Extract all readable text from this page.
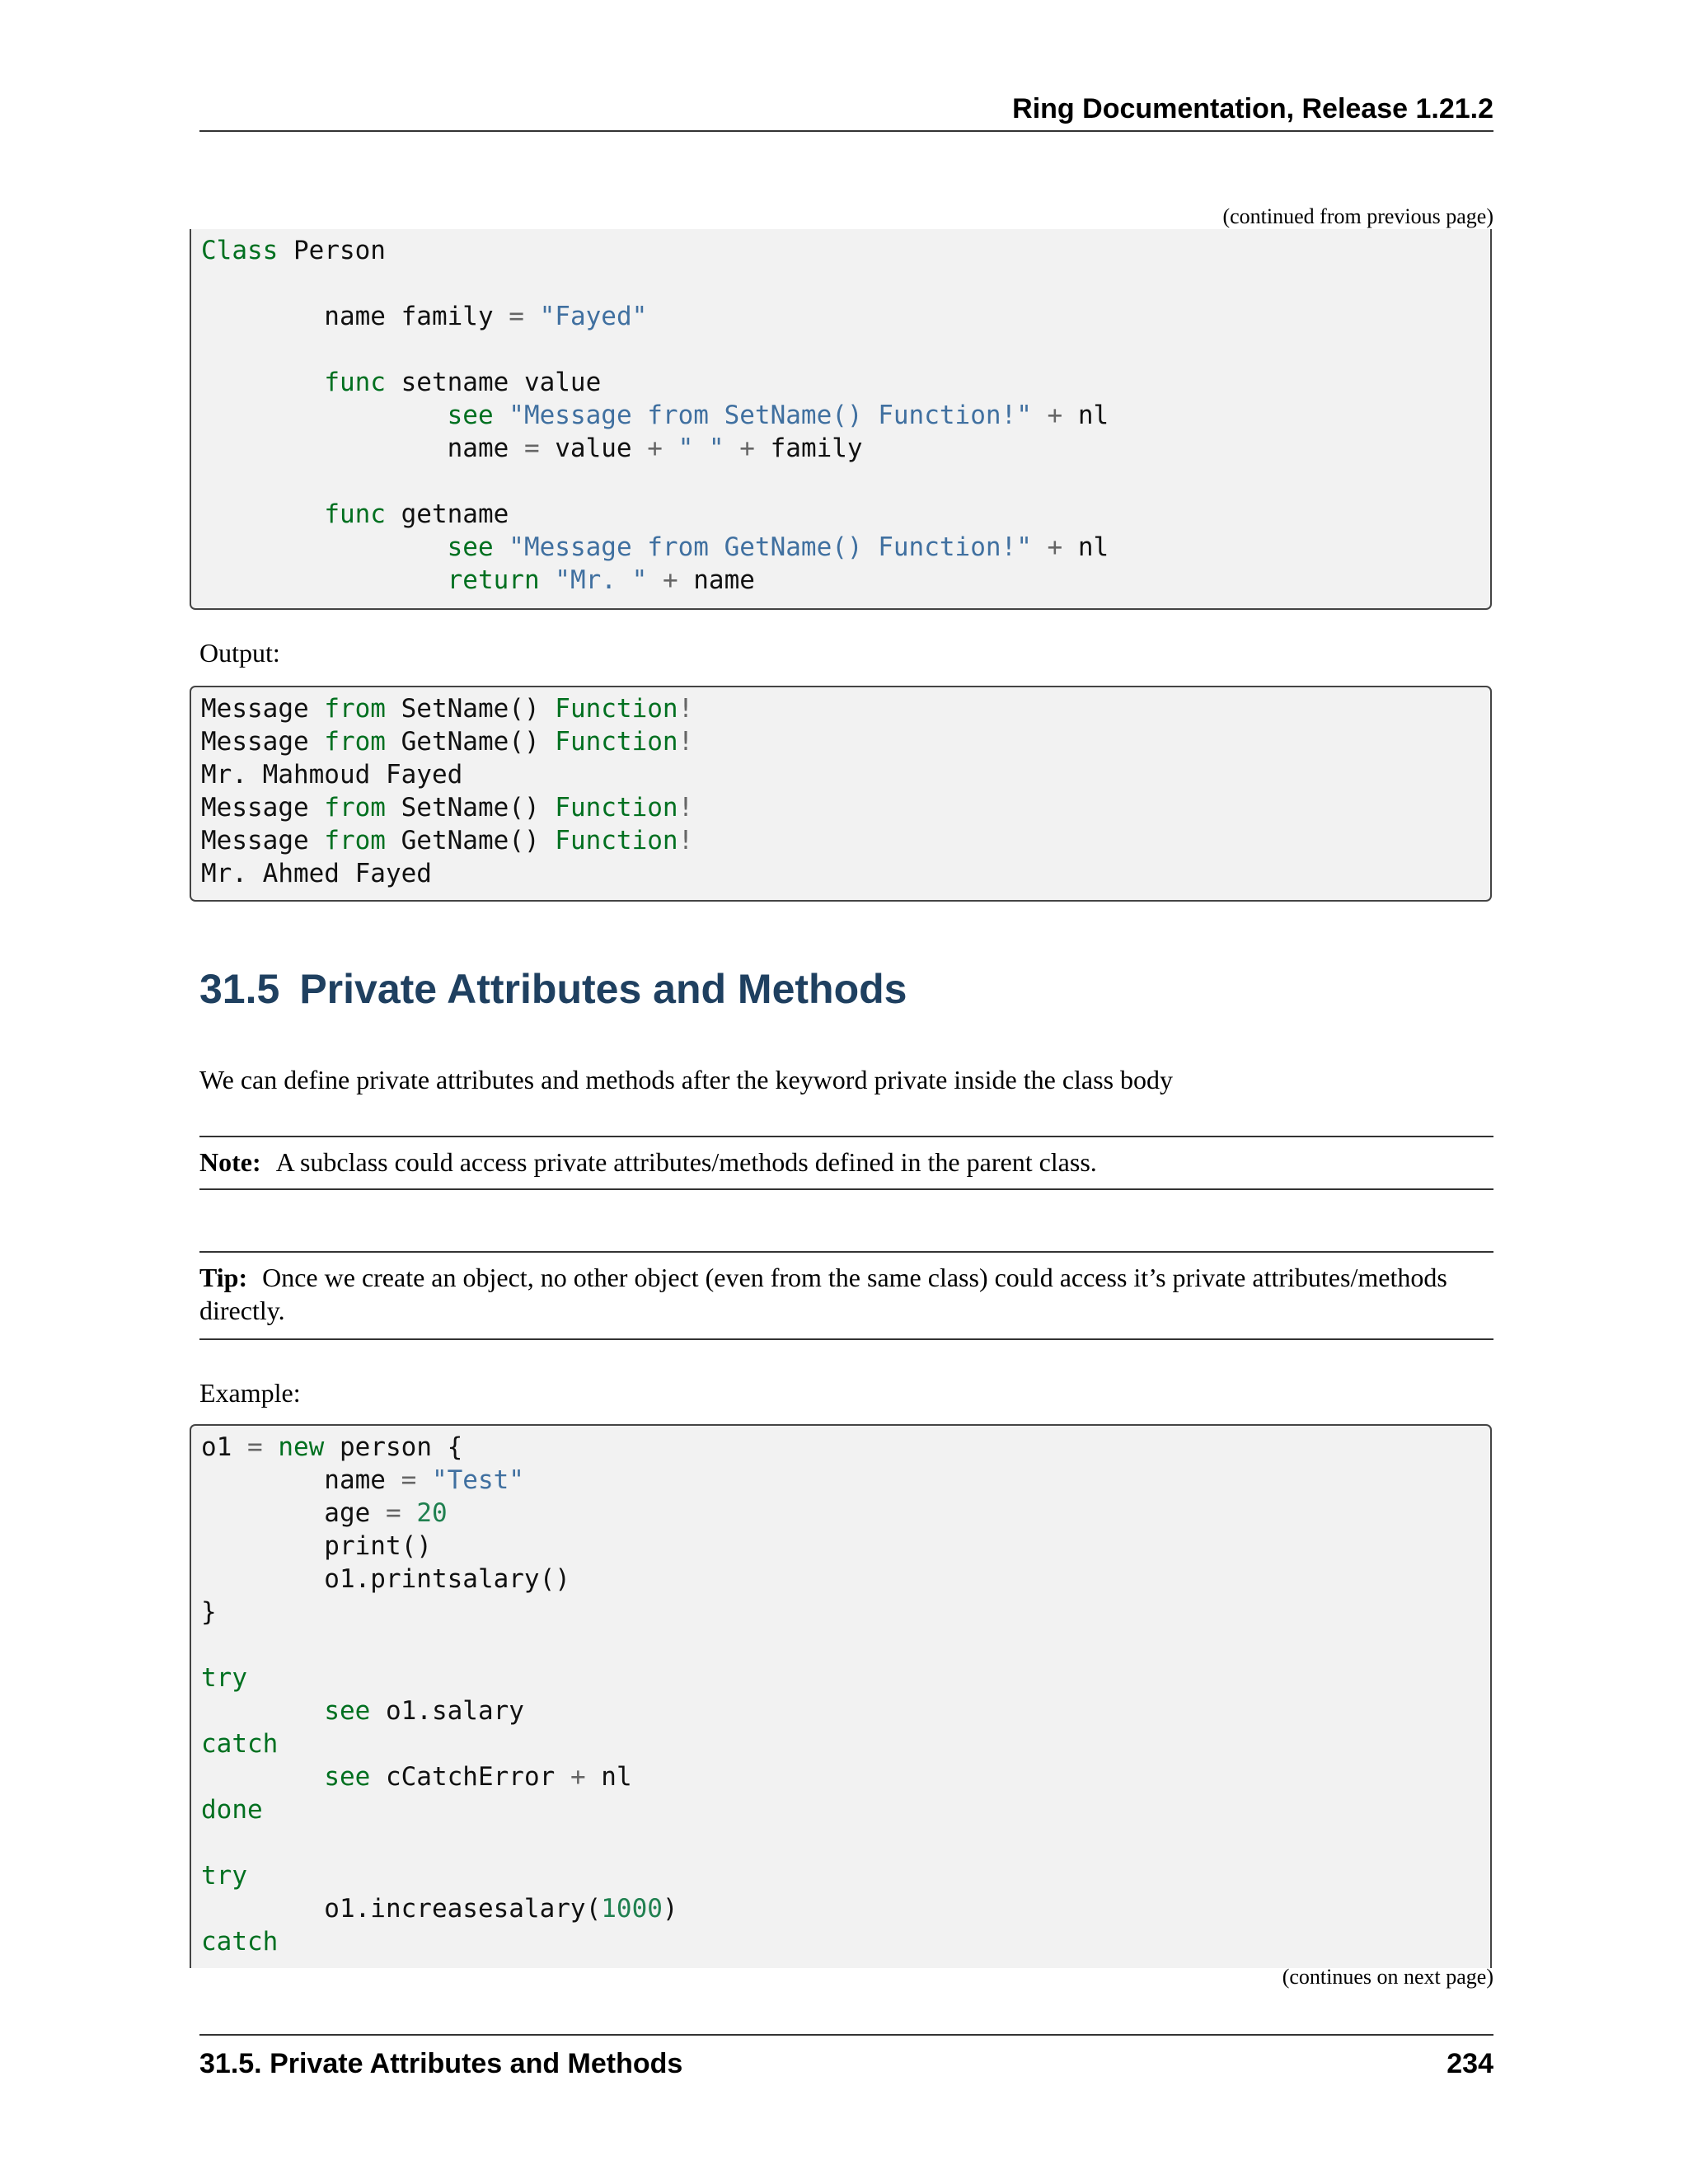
Ring Documentation, Release 1.21.2
(continued from previous page)
Class Person
name family = "Fayed"
func setname value
see "Message from SetName() Function!" + nl
name = value + " " + family
func getname
see "Message from GetName() Function!" + nl
return "Mr. " + name
Output:
Message from SetName() Function!
Message from GetName() Function!
Mr. Mahmoud Fayed
Message from SetName() Function!
Message from GetName() Function!
Mr. Ahmed Fayed
31.5 Private Attributes and Methods
We can define private attributes and methods after the keyword private inside the class body
Note: A subclass could access private attributes/methods defined in the parent class.
Tip: Once we create an object, no other object (even from the same class) could access it’s private attributes/methods directly.
Example:
o1 = new person {
name = "Test"
age = 20
print()
o1.printsalary()
}
try
see o1.salary
catch
see cCatchError + nl
done
try
o1.increasesalary(1000)
catch
(continues on next page)
31.5. Private Attributes and Methods	234
